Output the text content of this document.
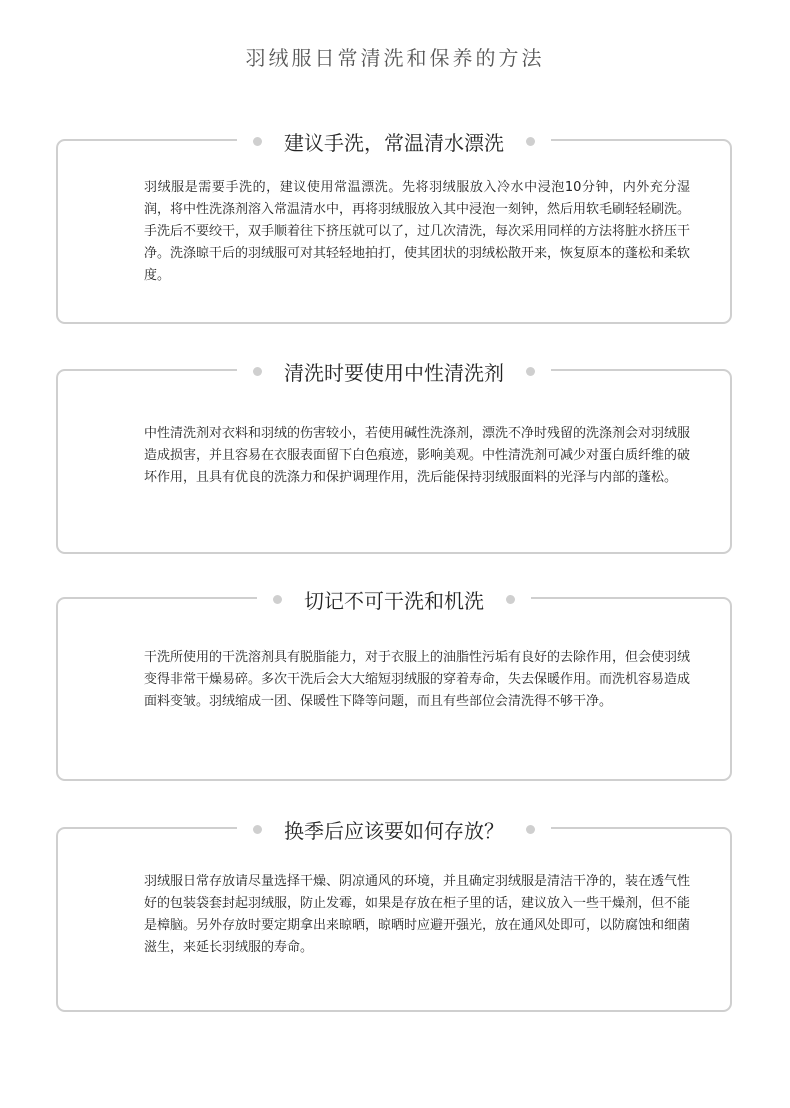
羽绒服日常清洗和保养的方法
建议手洗，常温清水漂洗
羽绒服是需要手洗的，建议使用常温漂洗。先将羽绒服放入冷水中浸泡10分钟，内外充分湿润，将中性洗涤剂溶入常温清水中，再将羽绒服放入其中浸泡一刻钟，然后用软毛刷轻轻刷洗。手洗后不要绞干，双手顺着往下挤压就可以了，过几次清洗，每次采用同样的方法将脏水挤压干净。洗涤晾干后的羽绒服可对其轻轻地拍打，使其团状的羽绒松散开来，恢复原本的蓬松和柔软度。
清洗时要使用中性清洗剂
中性清洗剂对衣料和羽绒的伤害较小，若使用碱性洗涤剂，漂洗不净时残留的洗涤剂会对羽绒服造成损害，并且容易在衣服表面留下白色痕迹，影响美观。中性清洗剂可减少对蛋白质纤维的破坏作用，且具有优良的洗涤力和保护调理作用，洗后能保持羽绒服面料的光泽与内部的蓬松。
切记不可干洗和机洗
干洗所使用的干洗溶剂具有脱脂能力，对于衣服上的油脂性污垢有良好的去除作用，但会使羽绒变得非常干燥易碎。多次干洗后会大大缩短羽绒服的穿着寿命，失去保暖作用。而洗机容易造成面料变皱。羽绒缩成一团、保暖性下降等问题，而且有些部位会清洗得不够干净。
换季后应该要如何存放？
羽绒服日常存放请尽量选择干燥、阴凉通风的环境，并且确定羽绒服是清洁干净的，装在透气性好的包装袋套封起羽绒服，防止发霉，如果是存放在柜子里的话，建议放入一些干燥剂，但不能是樟脑。另外存放时要定期拿出来晾晒，晾晒时应避开强光，放在通风处即可，以防腐蚀和细菌滋生，来延长羽绒服的寿命。
